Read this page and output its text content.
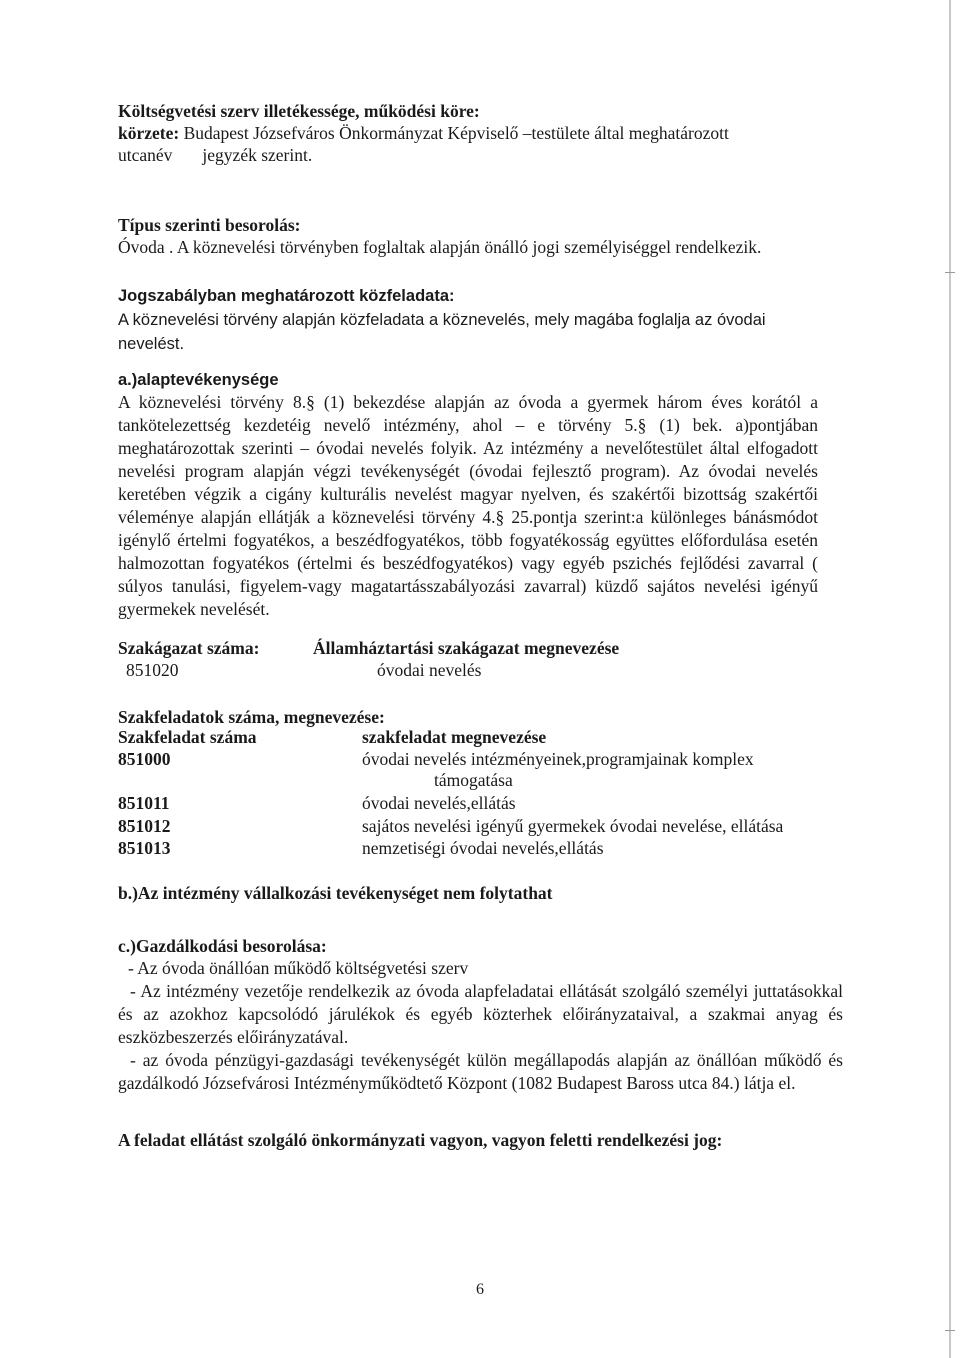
Költségvetési szerv illetékessége, működési köre:
körzete: Budapest Józsefváros Önkormányzat Képviselő –testülete által meghatározott
utcanév jegyzék szerint.
Típus szerinti besorolás:
Óvoda . A köznevelési törvényben foglaltak alapján önálló jogi személyiséggel rendelkezik.
Jogszabályban meghatározott közfeladata:
A köznevelési törvény alapján közfeladata a köznevelés, mely magába foglalja az óvodai
nevelést.
a.)alaptevékenysége
A köznevelési törvény 8.§ (1) bekezdése alapján az óvoda a gyermek három éves korától a tankötelezettség kezdetéig nevelő intézmény, ahol – e törvény 5.§ (1) bek. a)pontjában meghatározottak szerinti – óvodai nevelés folyik. Az intézmény a nevelőtestület által elfogadott nevelési program alapján végzi tevékenységét (óvodai fejlesztő program). Az óvodai nevelés keretében végzik a cigány kulturális nevelést magyar nyelven, és szakértői bizottság szakértői véleménye alapján ellátják a köznevelési törvény 4.§ 25.pontja szerint:a különleges bánásmódot igénylő értelmi fogyatékos, a beszédfogyatékos, több fogyatékosság együttes előfordulása esetén halmozottan fogyatékos (értelmi és beszédfogyatékos) vagy egyéb pszichés fejlődési zavarral ( súlyos tanulási, figyelem-vagy magatartásszabályozási zavarral) küzdő sajátos nevelési igényű gyermekek nevelését.
Szakágazat száma:	Államháztartási szakágazat megnevezése
851020	óvodai nevelés
Szakfeladatok száma, megnevezése:
Szakfeladat száma	szakfeladat megnevezése
851000	óvodai nevelés intézményeinek,programjainak komplex
támogatása
851011	óvodai nevelés,ellátás
851012	sajátos nevelési igényű gyermekek óvodai nevelése, ellátása
851013	nemzetiségi óvodai nevelés,ellátás
b.)Az intézmény vállalkozási tevékenységet nem folytathat
c.)Gazdálkodási besorolása:
- Az óvoda önállóan működő költségvetési szerv
- Az intézmény vezetője rendelkezik az óvoda alapfeladatai ellátását szolgáló személyi juttatásokkal és az azokhoz kapcsolódó járulékok és egyéb közterhek előirányzataival, a szakmai anyag és eszközbeszerzés előirányzatával.
- az óvoda pénzügyi-gazdasági tevékenységét külön megállapodás alapján az önállóan működő és gazdálkodó Józsefvárosi Intézményműködtető Központ (1082 Budapest Baross utca 84.) látja el.
A feladat ellátást szolgáló önkormányzati vagyon, vagyon feletti rendelkezési jog:
6
